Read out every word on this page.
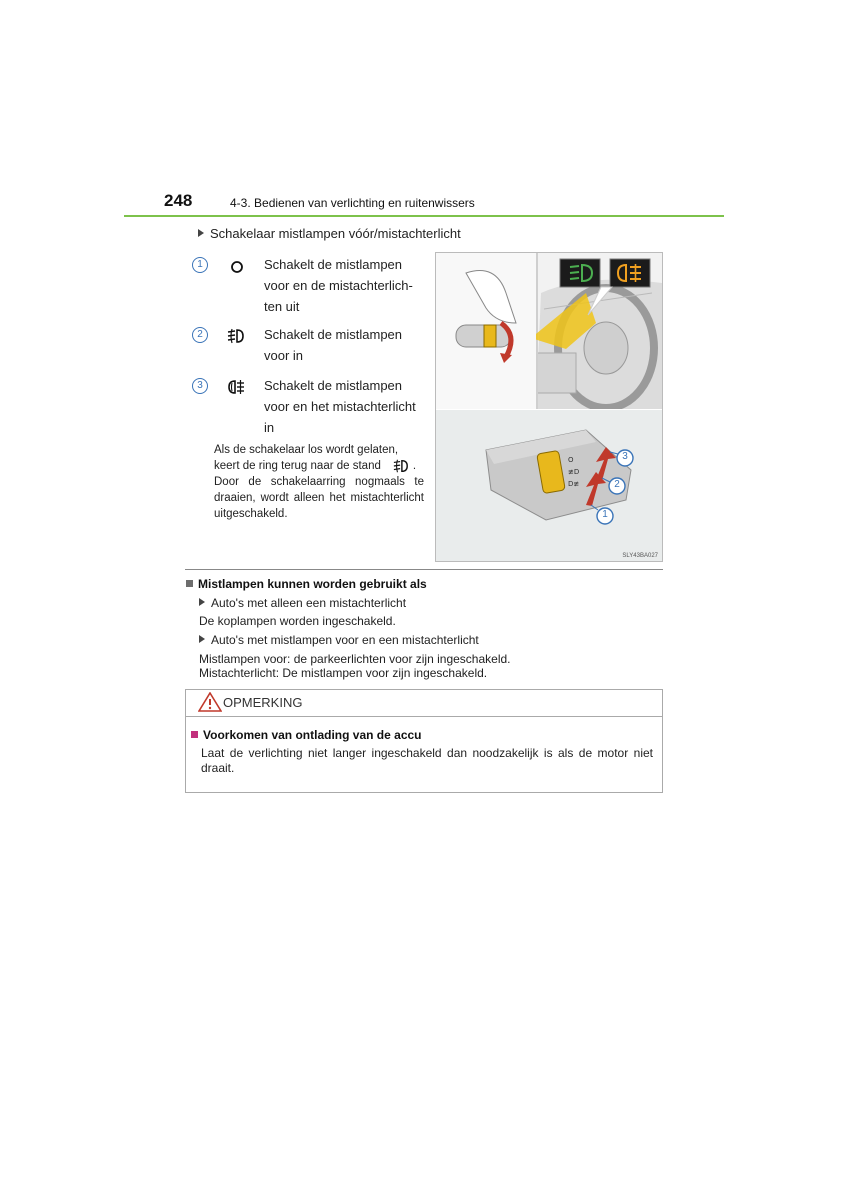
248	4-3. Bedienen van verlichting en ruitenwissers
Schakelaar mistlampen vóór/mistachterlicht
1	Schakelt de mistlampen
voor en de mistachterlich-
ten uit
2	Schakelt de mistlampen
voor in
3	Schakelt de mistlampen
voor en het mistachterlicht
in

Als de schakelaar los wordt gelaten,

keert de ring terug naar de stand	.

Door de schakelaarring nogmaals te draaien, wordt alleen het mistachterlicht uitgeschakeld.

O
≢D
D≢
1
2
3
SLY43BA027
Mistlampen kunnen worden gebruikt als
Auto's met alleen een mistachterlicht
De koplampen worden ingeschakeld.
Auto's met mistlampen voor en een mistachterlicht
Mistlampen voor: de parkeerlichten voor zijn ingeschakeld.
Mistachterlicht: De mistlampen voor zijn ingeschakeld.
OPMERKING
Voorkomen van ontlading van de accu
Laat de verlichting niet langer ingeschakeld dan noodzakelijk is als de motor niet draait.
